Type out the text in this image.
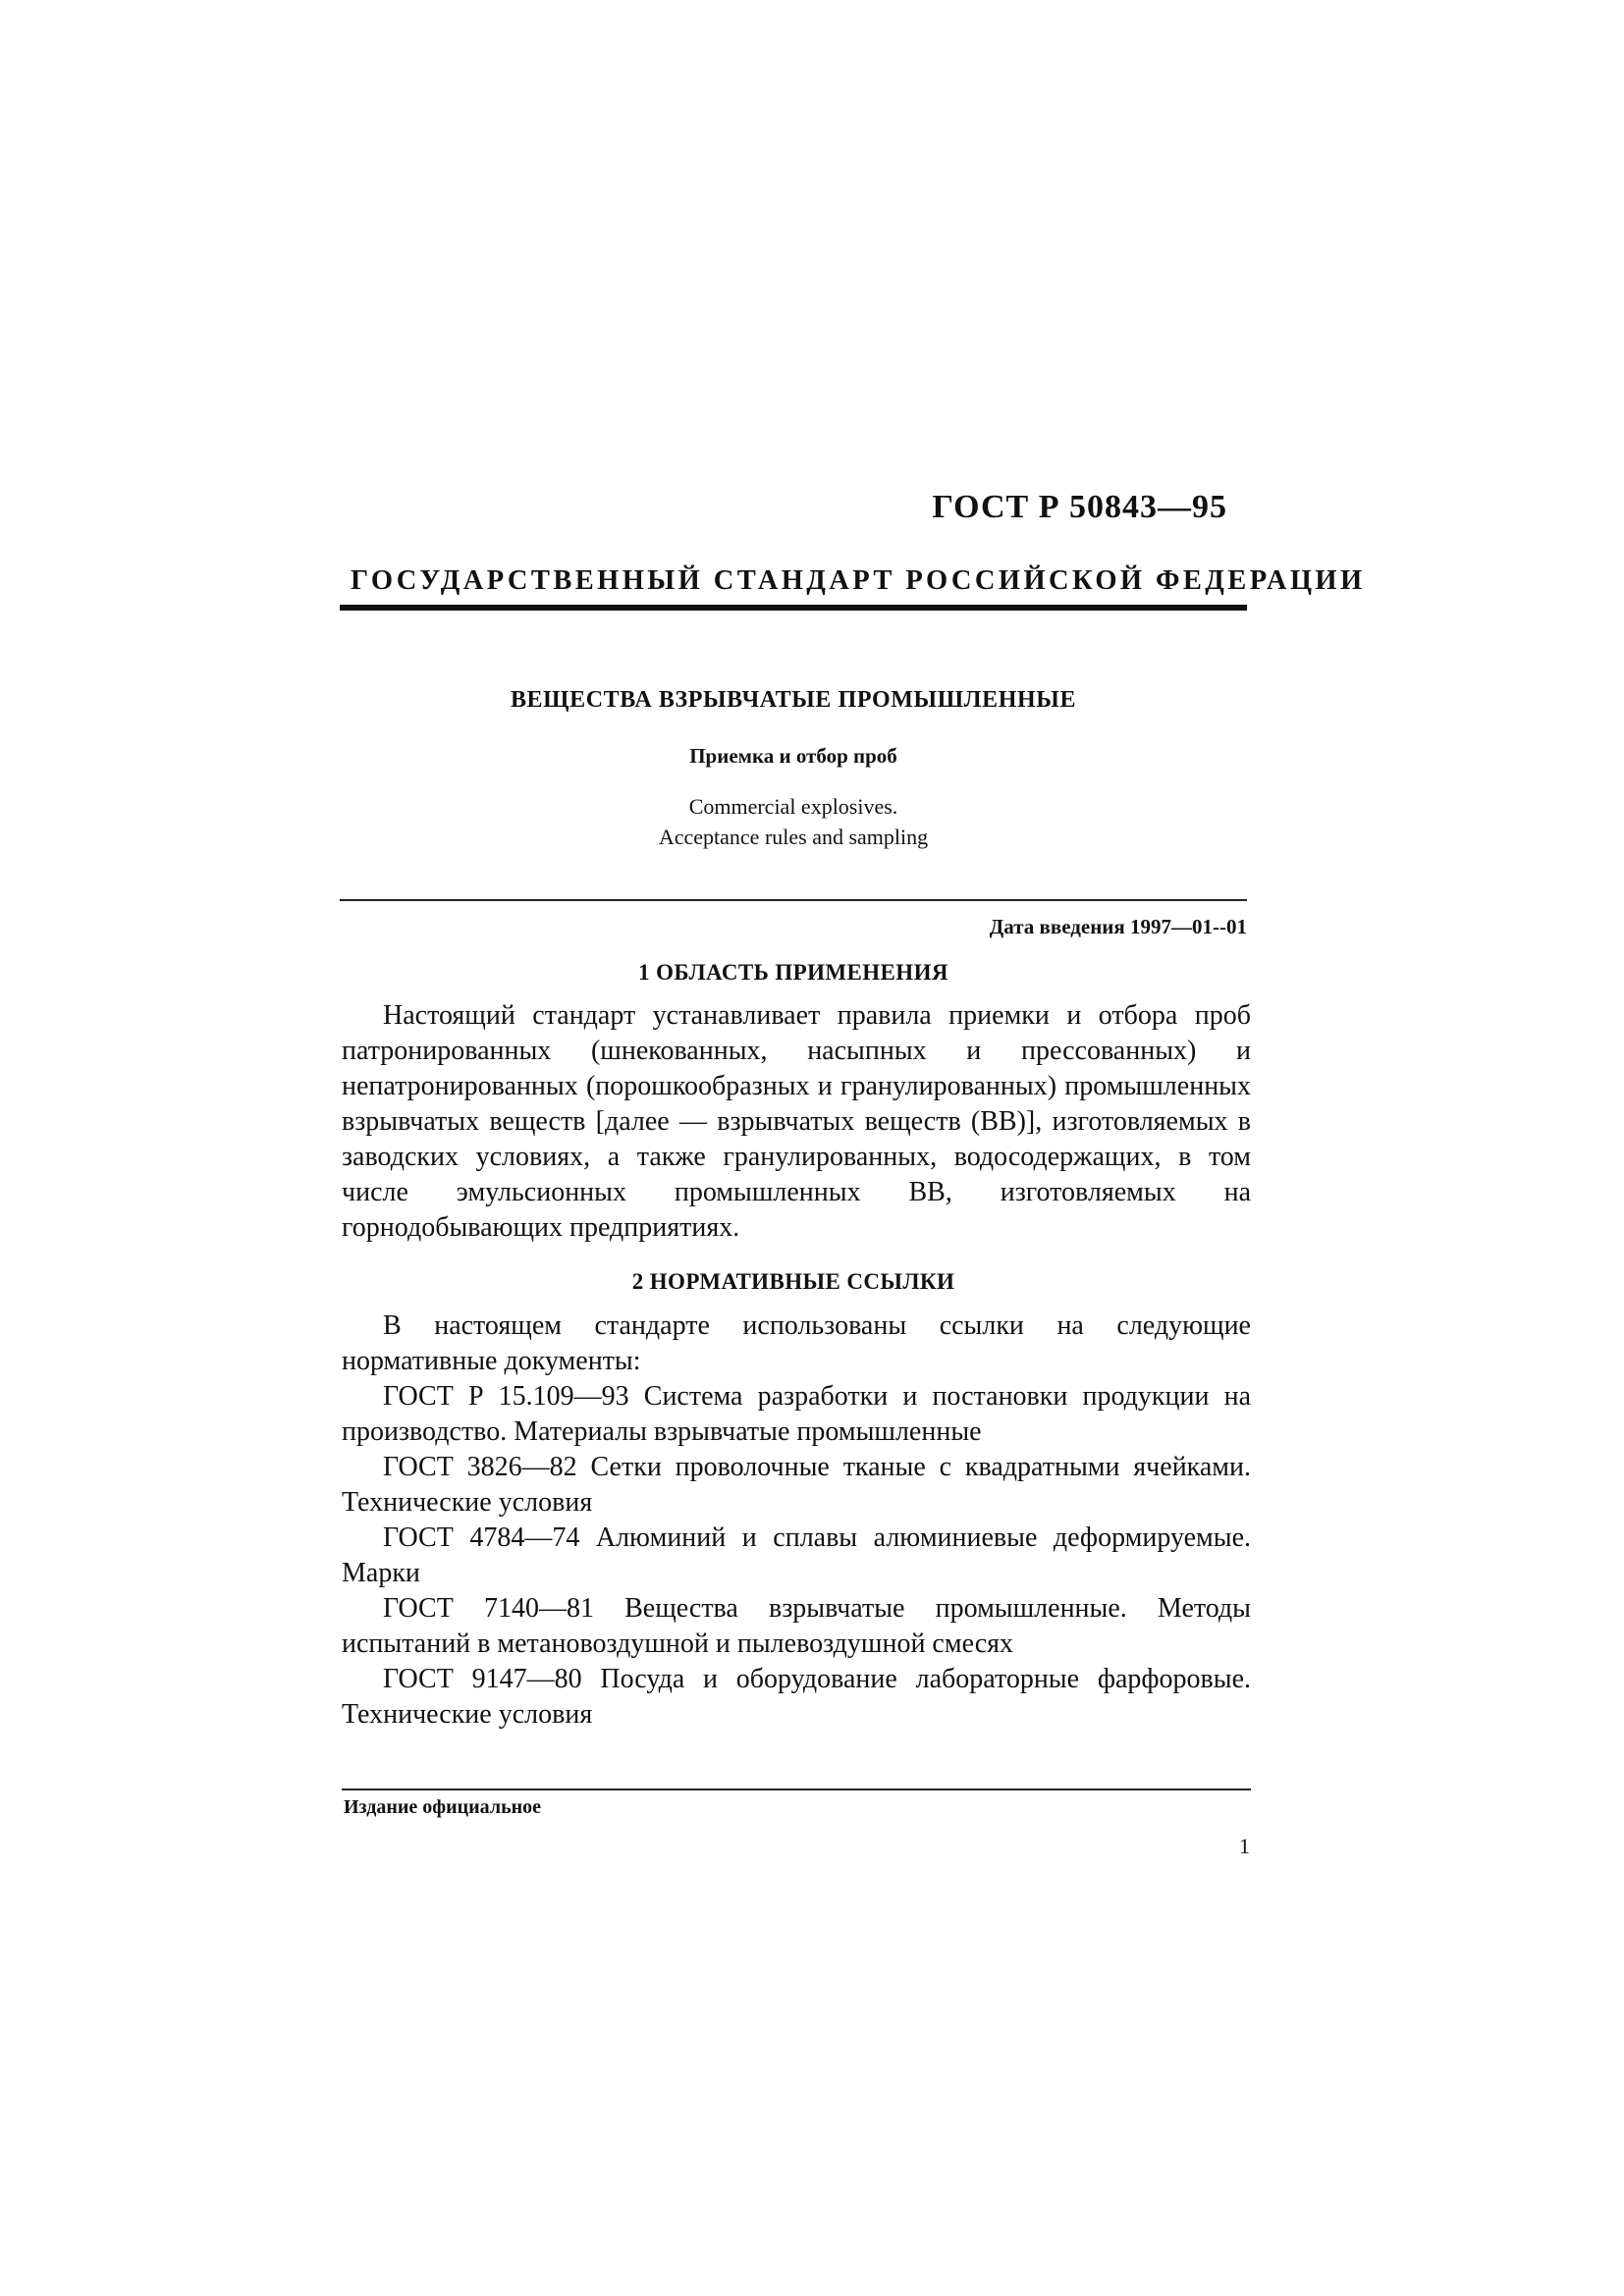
ГОСТ Р 50843—95
ГОСУДАРСТВЕННЫЙ СТАНДАРТ РОССИЙСКОЙ ФЕДЕРАЦИИ
ВЕЩЕСТВА ВЗРЫВЧАТЫЕ ПРОМЫШЛЕННЫЕ
Приемка и отбор проб
Commercial explosives.
Acceptance rules and sampling
Дата введения 1997—01--01
1 ОБЛАСТЬ ПРИМЕНЕНИЯ

Настоящий стандарт устанавливает правила приемки и отбора проб патронированных (шнекованных, насыпных и прессованных) и непатронированных (порошкообразных и гранулированных) промышленных взрывчатых веществ [далее — взрывчатых веществ (ВВ)], изготовляемых в заводских условиях, а также гранулированных, водосодержащих, в том числе эмульсионных промышленных ВВ, изготовляемых на горнодобывающих предприятиях.

2 НОРМАТИВНЫЕ ССЫЛКИ

В настоящем стандарте использованы ссылки на следующие нормативные документы:

ГОСТ Р 15.109—93 Система разработки и постановки продукции на производство. Материалы взрывчатые промышленные

ГОСТ 3826—82 Сетки проволочные тканые с квадратными ячейками. Технические условия

ГОСТ 4784—74 Алюминий и сплавы алюминиевые деформируемые. Марки

ГОСТ 7140—81 Вещества взрывчатые промышленные. Методы испытаний в метановоздушной и пылевоздушной смесях

ГОСТ 9147—80 Посуда и оборудование лабораторные фарфоровые. Технические условия

Издание официальное
1
